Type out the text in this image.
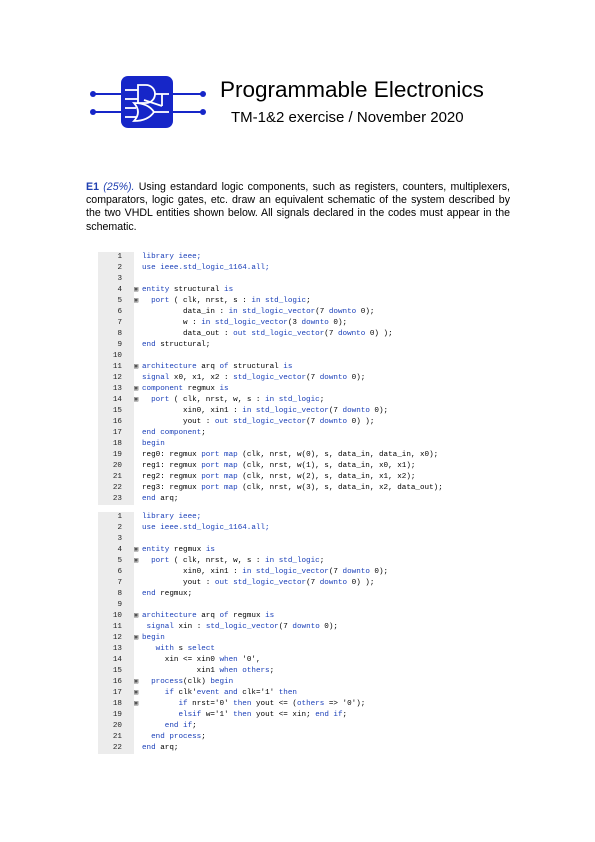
Programmable Electronics
TM-1&2 exercise / November 2020
E1 (25%). Using estandard logic components, such as registers, counters, multiplexers, comparators, logic gates, etc. draw an equivalent schematic of the system described by the two VHDL entities shown below. All signals declared in the codes must appear in the schematic.
1	library ieee;
2	use ieee.std_logic_1164.all;
3
4 ▣ entity structural is
5 ▣ port ( clk, nrst, s : in std_logic;
6	data_in : in std_logic_vector(7 downto 0);
7	w : in std_logic_vector(3 downto 0);
8	data_out : out std_logic_vector(7 downto 0) );
9	end structural;
10
11 ▣ architecture arq of structural is
12	signal x0, x1, x2 : std_logic_vector(7 downto 0);
13 ▣ component regmux is
14 ▣ port ( clk, nrst, w, s : in std_logic;
15	xin0, xin1 : in std_logic_vector(7 downto 0);
16	yout : out std_logic_vector(7 downto 0) );
17	end component;
18	begin
19	reg0: regmux port map (clk, nrst, w(0), s, data_in, data_in, x0);
20	reg1: regmux port map (clk, nrst, w(1), s, data_in, x0, x1);
21	reg2: regmux port map (clk, nrst, w(2), s, data_in, x1, x2);
22	reg3: regmux port map (clk, nrst, w(3), s, data_in, x2, data_out);
23	end arq;
1	library ieee;
2	use ieee.std_logic_1164.all;
3
4 ▣ entity regmux is
5 ▣ port ( clk, nrst, w, s : in std_logic;
6	xin0, xin1 : in std_logic_vector(7 downto 0);
7	yout : out std_logic_vector(7 downto 0) );
8	end regmux;
9
10 ▣ architecture arq of regmux is
11	signal xin : std_logic_vector(7 downto 0);
12 ▣ begin
13	with s select
14	xin <= xin0 when '0',
15	xin1 when others;
16 ▣ process(clk) begin
17 ▣ if clk'event and clk='1' then
18 ▣ if nrst='0' then yout <= (others => '0');
19	elsif w='1' then yout <= xin; end if;
20	end if;
21	end process;
22	end arq;
